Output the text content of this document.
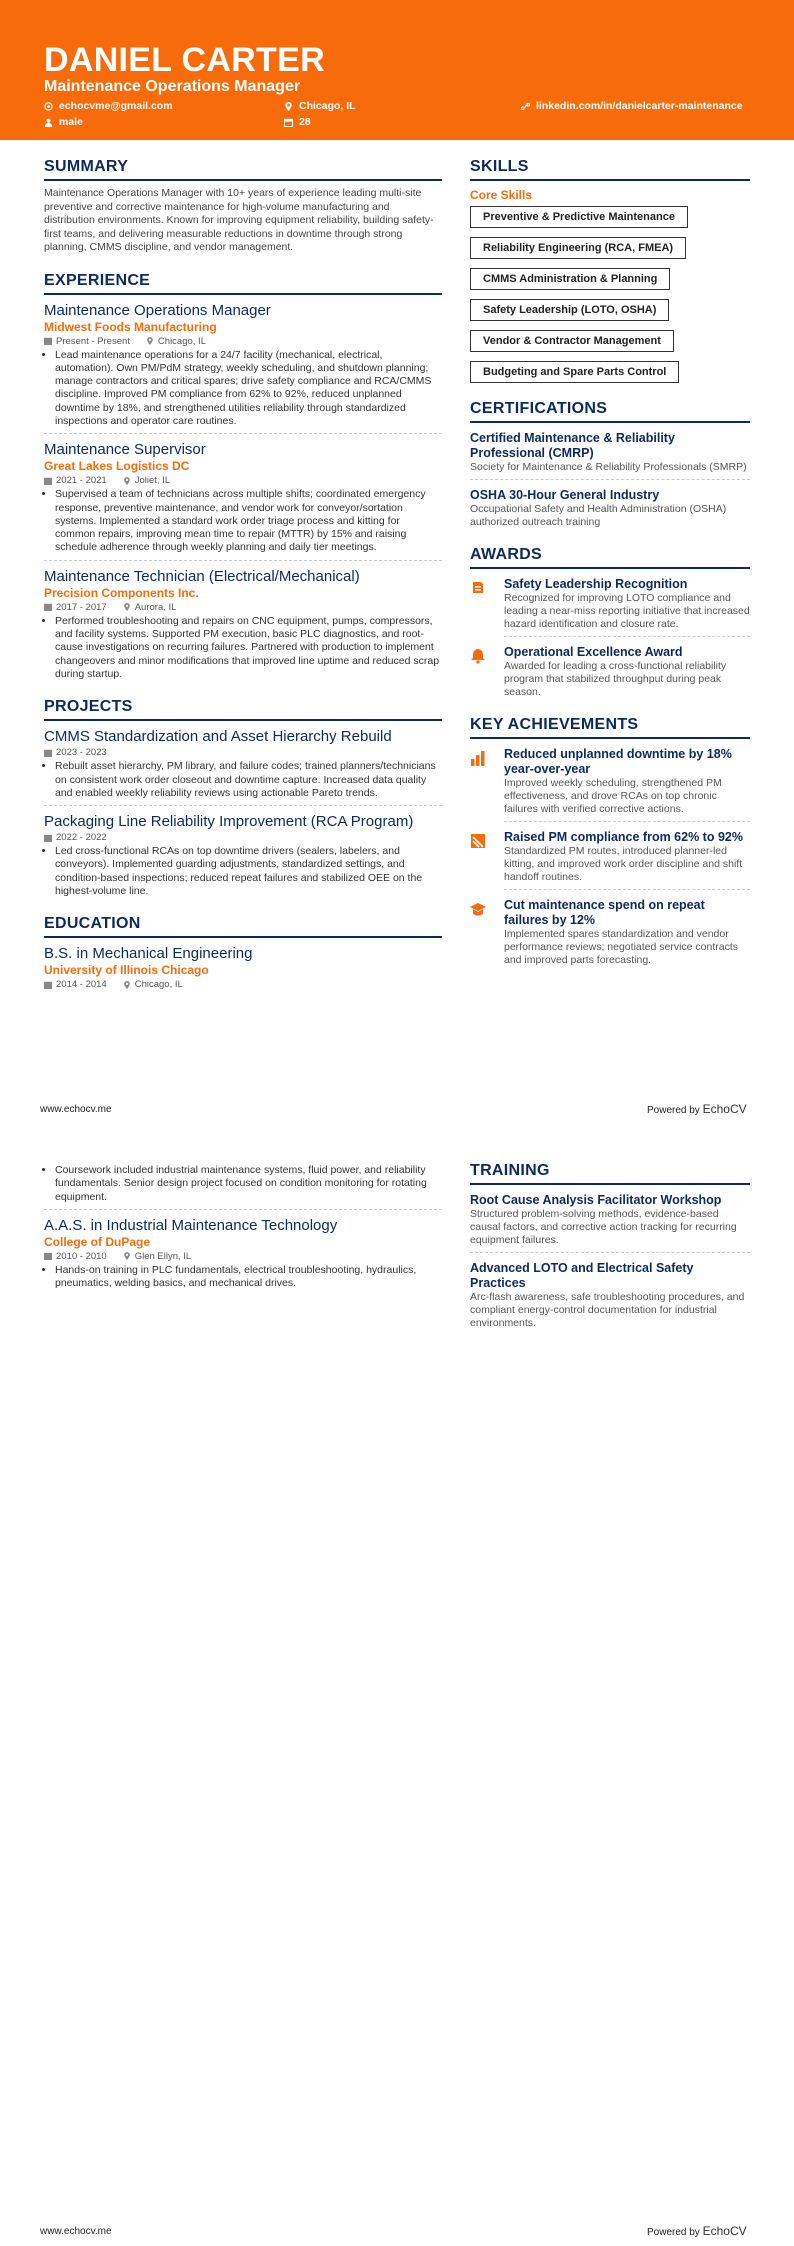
DANIEL CARTER
Maintenance Operations Manager
echocvme@gmail.com	Chicago, IL	linkedin.com/in/danielcarter-maintenance
male	28
SUMMARY
Maintenance Operations Manager with 10+ years of experience leading multi-site preventive and corrective maintenance for high-volume manufacturing and distribution environments. Known for improving equipment reliability, building safety-first teams, and delivering measurable reductions in downtime through strong planning, CMMS discipline, and vendor management.
EXPERIENCE
Maintenance Operations Manager
Midwest Foods Manufacturing
Present - Present	Chicago, IL
• Lead maintenance operations for a 24/7 facility (mechanical, electrical, automation). Own PM/PdM strategy, weekly scheduling, and shutdown planning; manage contractors and critical spares; drive safety compliance and RCA/CMMS discipline. Improved PM compliance from 62% to 92%, reduced unplanned downtime by 18%, and strengthened utilities reliability through standardized inspections and operator care routines.
Maintenance Supervisor
Great Lakes Logistics DC
2021 - 2021	Joliet, IL
• Supervised a team of technicians across multiple shifts; coordinated emergency response, preventive maintenance, and vendor work for conveyor/sortation systems. Implemented a standard work order triage process and kitting for common repairs, improving mean time to repair (MTTR) by 15% and raising schedule adherence through weekly planning and daily tier meetings.
Maintenance Technician (Electrical/Mechanical)
Precision Components Inc.
2017 - 2017	Aurora, IL
• Performed troubleshooting and repairs on CNC equipment, pumps, compressors, and facility systems. Supported PM execution, basic PLC diagnostics, and root-cause investigations on recurring failures. Partnered with production to implement changeovers and minor modifications that improved line uptime and reduced scrap during startup.
PROJECTS
CMMS Standardization and Asset Hierarchy Rebuild
2023 - 2023
• Rebuilt asset hierarchy, PM library, and failure codes; trained planners/technicians on consistent work order closeout and downtime capture. Increased data quality and enabled weekly reliability reviews using actionable Pareto trends.
Packaging Line Reliability Improvement (RCA Program)
2022 - 2022
• Led cross-functional RCAs on top downtime drivers (sealers, labelers, and conveyors). Implemented guarding adjustments, standardized settings, and condition-based inspections; reduced repeat failures and stabilized OEE on the highest-volume line.
EDUCATION
B.S. in Mechanical Engineering
University of Illinois Chicago
2014 - 2014	Chicago, IL
SKILLS
Core Skills
Preventive & Predictive Maintenance
Reliability Engineering (RCA, FMEA)
CMMS Administration & Planning
Safety Leadership (LOTO, OSHA)
Vendor & Contractor Management
Budgeting and Spare Parts Control
CERTIFICATIONS
Certified Maintenance & Reliability Professional (CMRP)
Society for Maintenance & Reliability Professionals (SMRP)
OSHA 30-Hour General Industry
Occupational Safety and Health Administration (OSHA) authorized outreach training
AWARDS
Safety Leadership Recognition
Recognized for improving LOTO compliance and leading a near-miss reporting initiative that increased hazard identification and closure rate.
Operational Excellence Award
Awarded for leading a cross-functional reliability program that stabilized throughput during peak season.
KEY ACHIEVEMENTS
Reduced unplanned downtime by 18% year-over-year
Improved weekly scheduling, strengthened PM effectiveness, and drove RCAs on top chronic failures with verified corrective actions.
Raised PM compliance from 62% to 92%
Standardized PM routes, introduced planner-led kitting, and improved work order discipline and shift handoff routines.
Cut maintenance spend on repeat failures by 12%
Implemented spares standardization and vendor performance reviews; negotiated service contracts and improved parts forecasting.
www.echocv.me	Powered by EchoCV
• Coursework included industrial maintenance systems, fluid power, and reliability fundamentals. Senior design project focused on condition monitoring for rotating equipment.
A.A.S. in Industrial Maintenance Technology
College of DuPage
2010 - 2010	Glen Ellyn, IL
• Hands-on training in PLC fundamentals, electrical troubleshooting, hydraulics, pneumatics, welding basics, and mechanical drives.
TRAINING
Root Cause Analysis Facilitator Workshop
Structured problem-solving methods, evidence-based causal factors, and corrective action tracking for recurring equipment failures.
Advanced LOTO and Electrical Safety Practices
Arc-flash awareness, safe troubleshooting procedures, and compliant energy-control documentation for industrial environments.
www.echocv.me	Powered by EchoCV
